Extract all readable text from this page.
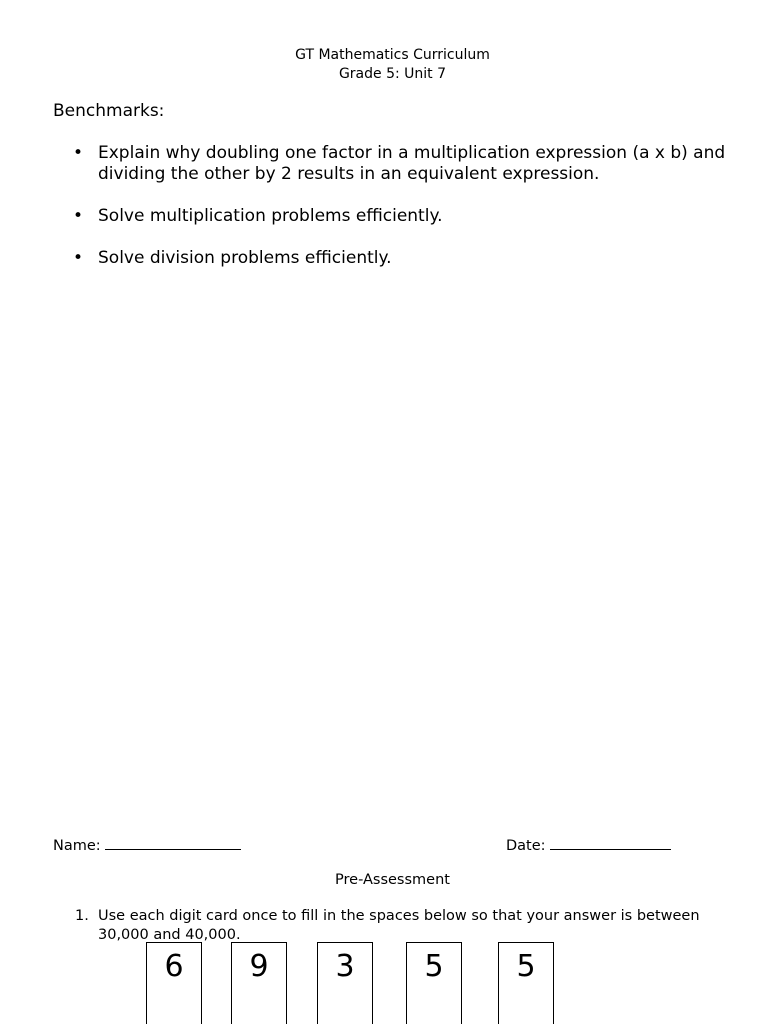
GT Mathematics Curriculum
Grade 5: Unit 7
Benchmarks:
• Explain why doubling one factor in a multiplication expression (a x b) and dividing the other by 2 results in an equivalent expression.
• Solve multiplication problems efficiently.
• Solve division problems efficiently.
Name:	Date:
Pre-Assessment
1. Use each digit card once to fill in the spaces below so that your answer is between 30,000 and 40,000.
6	9	3	5	5
